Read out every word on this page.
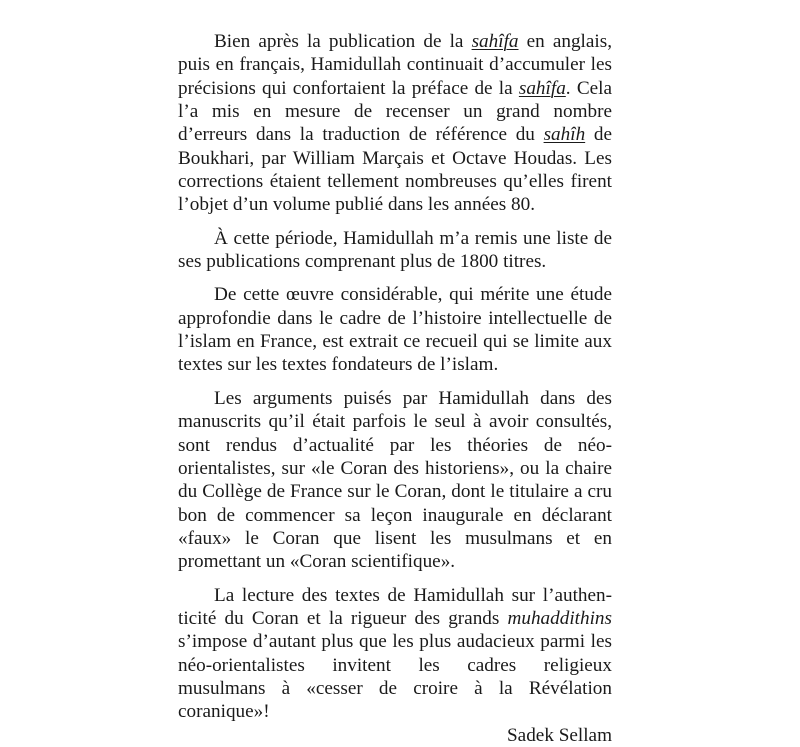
Bien après la publication de la sahîfa en anglais, puis en français, Hamidullah continuait d’accumuler les précisions qui confortaient la préface de la sahîfa. Cela l’a mis en mesure de recenser un grand nombre d’erreurs dans la traduction de référence du sahîh de Boukhari, par William Marçais et Octave Houdas. Les corrections étaient tellement nombreuses qu’elles firent l’objet d’un volume publié dans les années 80.

À cette période, Hamidullah m’a remis une liste de ses publications comprenant plus de 1800 titres.

De cette œuvre considérable, qui mérite une étude approfondie dans le cadre de l’histoire intellectuelle de l’islam en France, est extrait ce recueil qui se limite aux textes sur les textes fondateurs de l’islam.

Les arguments puisés par Hamidullah dans des manuscrits qu’il était parfois le seul à avoir consultés, sont rendus d’actualité par les théories de néo-orientalistes, sur «le Coran des historiens», ou la chaire du Collège de France sur le Coran, dont le titulaire a cru bon de commencer sa leçon inaugurale en déclarant «faux» le Coran que lisent les musulmans et en promettant un «Coran scientifique».

La lecture des textes de Hamidullah sur l’authenticité du Coran et la rigueur des grands muhaddithins s’impose d’autant plus que les plus audacieux parmi les néo-orientalistes invitent les cadres religieux musulmans à «cesser de croire à la Révélation coranique»!

Sadek Sellam
